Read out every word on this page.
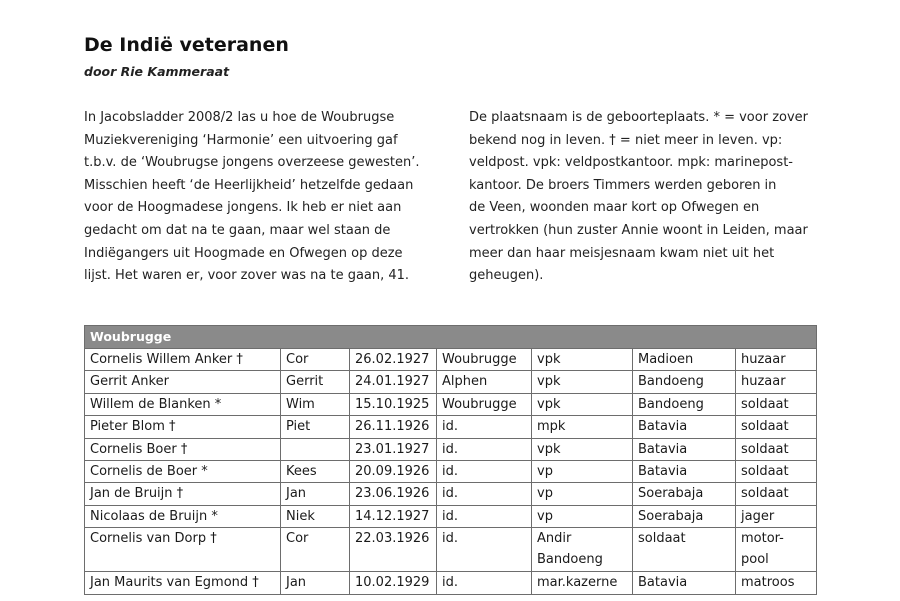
De Indië veteranen
door Rie Kammeraat
In Jacobsladder 2008/2 las u hoe de Woubrugse
Muziekvereniging ‘Harmonie’ een uitvoering gaf
t.b.v. de ‘Woubrugse jongens overzeese gewesten’.
Misschien heeft ‘de Heerlijkheid’ hetzelfde gedaan
voor de Hoogmadese jongens. Ik heb er niet aan
gedacht om dat na te gaan, maar wel staan de
Indiëgangers uit Hoogmade en Ofwegen op deze
lijst. Het waren er, voor zover was na te gaan, 41.
De plaatsnaam is de geboorteplaats. * = voor zover
bekend nog in leven. † = niet meer in leven. vp:
veldpost. vpk: veldpostkantoor. mpk: marinepost-
kantoor. De broers Timmers werden geboren in
de Veen, woonden maar kort op Ofwegen en
vertrokken (hun zuster Annie woont in Leiden, maar
meer dan haar meisjesnaam kwam niet uit het
geheugen).
Woubrugge						
Cornelis Willem Anker †	Cor	26.02.1927	Woubrugge	vpk	Madioen	huzaar
Gerrit Anker	Gerrit	24.01.1927	Alphen	vpk	Bandoeng	huzaar
Willem de Blanken *	Wim	15.10.1925	Woubrugge	vpk	Bandoeng	soldaat
Pieter Blom †	Piet	26.11.1926	id.	mpk	Batavia	soldaat
Cornelis Boer †		23.01.1927	id.	vpk	Batavia	soldaat
Cornelis de Boer *	Kees	20.09.1926	id.	vp	Batavia	soldaat
Jan de Bruijn †	Jan	23.06.1926	id.	vp	Soerabaja	soldaat
Nicolaas de Bruijn *	Niek	14.12.1927	id.	vp	Soerabaja	jager
Cornelis van Dorp †	Cor	22.03.1926	id.	Andir Bandoeng	soldaat	motor-pool
Jan Maurits van Egmond †	Jan	10.02.1929	id.	mar.kazerne	Batavia	matroos
